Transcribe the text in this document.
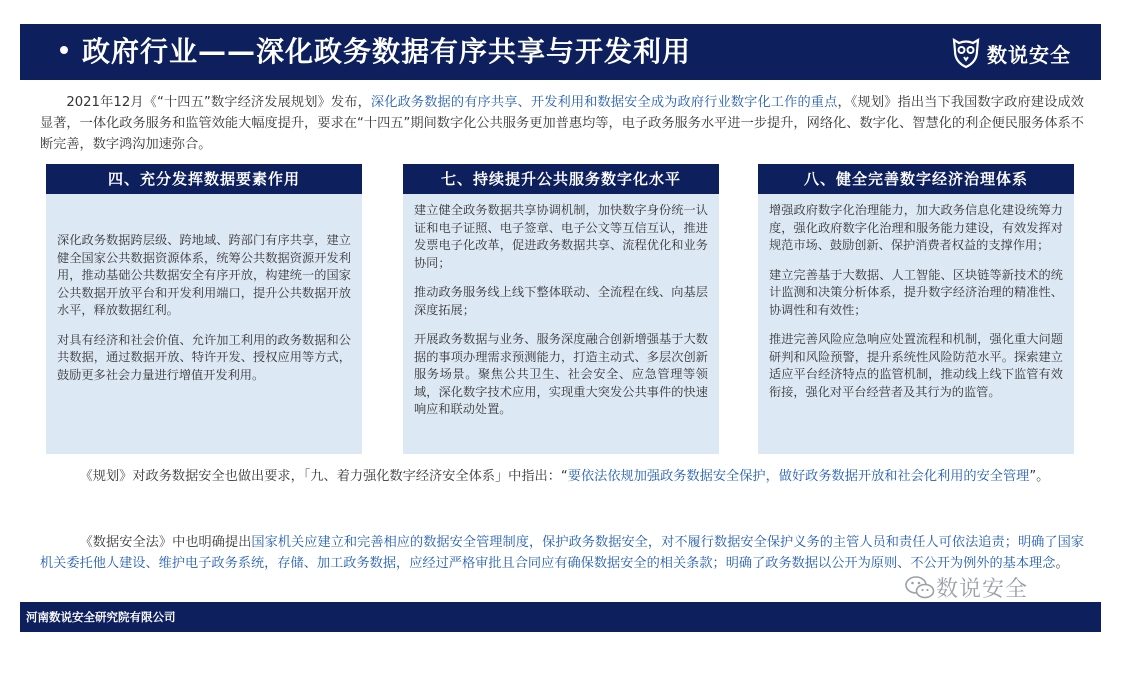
政府行业——深化政务数据有序共享与开发利用	数说安全
2021年12月《“十四五”数字经济发展规划》发布，深化政务数据的有序共享、开发利用和数据安全成为政府行业数字化工作的重点，《规划》指出当下我国数字政府建设成效显著，一体化政务服务和监管效能大幅度提升，要求在“十四五”期间数字化公共服务更加普惠均等，电子政务服务水平进一步提升，网络化、数字化、智慧化的利企便民服务体系不断完善，数字鸿沟加速弥合。
四、充分发挥数据要素作用

深化政务数据跨层级、跨地域、跨部门有序共享，建立健全国家公共数据资源体系，统筹公共数据资源开发利用，推动基础公共数据安全有序开放，构建统一的国家公共数据开放平台和开发利用端口，提升公共数据开放水平，释放数据红利。

对具有经济和社会价值、允许加工利用的政务数据和公共数据，通过数据开放、特许开发、授权应用等方式，鼓励更多社会力量进行增值开发利用。

七、持续提升公共服务数字化水平

建立健全政务数据共享协调机制，加快数字身份统一认证和电子证照、电子签章、电子公文等互信互认，推进发票电子化改革，促进政务数据共享、流程优化和业务协同；

推动政务服务线上线下整体联动、全流程在线、向基层深度拓展；

开展政务数据与业务、服务深度融合创新增强基于大数据的事项办理需求预测能力，打造主动式、多层次创新服务场景。聚焦公共卫生、社会安全、应急管理等领域，深化数字技术应用，实现重大突发公共事件的快速响应和联动处置。

八、健全完善数字经济治理体系

增强政府数字化治理能力，加大政务信息化建设统筹力度，强化政府数字化治理和服务能力建设，有效发挥对规范市场、鼓励创新、保护消费者权益的支撑作用；

建立完善基于大数据、人工智能、区块链等新技术的统计监测和决策分析体系，提升数字经济治理的精准性、协调性和有效性；

推进完善风险应急响应处置流程和机制，强化重大问题研判和风险预警，提升系统性风险防范水平。探索建立适应平台经济特点的监管机制，推动线上线下监管有效衔接，强化对平台经营者及其行为的监管。

《规划》对政务数据安全也做出要求，「九、着力强化数字经济安全体系」中指出：“要依法依规加强政务数据安全保护，做好政务数据开放和社会化利用的安全管理”。
《数据安全法》中也明确提出国家机关应建立和完善相应的数据安全管理制度，保护政务数据安全，对不履行数据安全保护义务的主管人员和责任人可依法追责；明确了国家机关委托他人建设、维护电子政务系统，存储、加工政务数据，应经过严格审批且合同应有确保数据安全的相关条款；明确了政务数据以公开为原则、不公开为例外的基本理念。
数说安全
河南数说安全研究院有限公司
